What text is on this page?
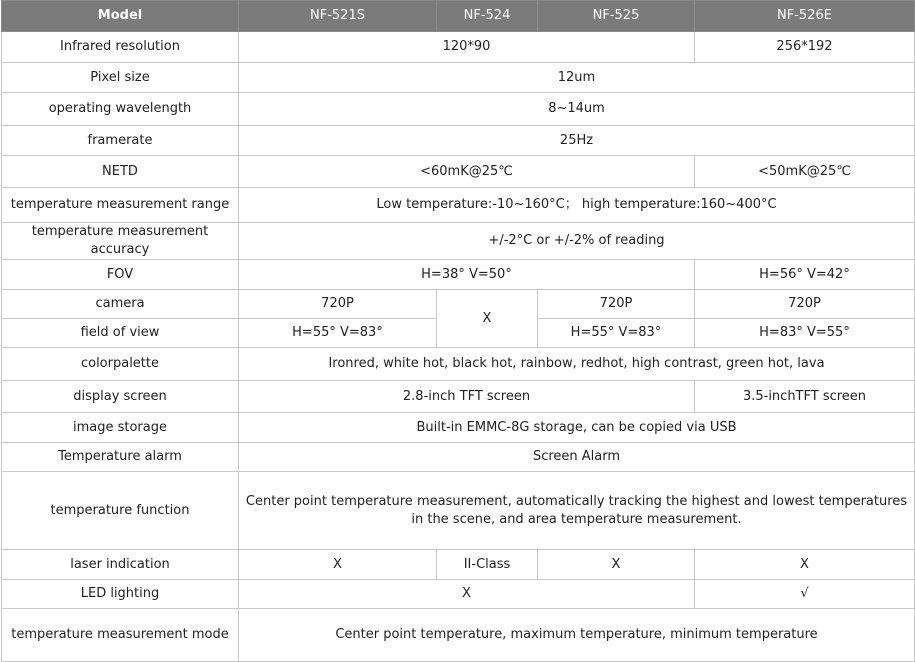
Model	NF-521S	NF-524	NF-525	NF-526E
Infrared resolution	120*90			256*192
Pixel size	12um			
operating wavelength	8~14um			
framerate	25Hz			
NETD	<60mK@25℃			<50mK@25℃
temperature measurement range	Low temperature:-10~160°C； high temperature:160~400°C			
temperature measurement accuracy	+/-2°C or +/-2% of reading			
FOV	H=38° V=50°			H=56° V=42°
camera	720P	X	720P	720P
field of view	H=55° V=83°		H=55° V=83°	H=83° V=55°
colorpalette	Ironred, white hot, black hot, rainbow, redhot, high contrast, green hot, lava			
display screen	2.8-inch TFT screen			3.5-inchTFT screen
image storage	Built-in EMMC-8G storage, can be copied via USB			
Temperature alarm	Screen Alarm			
temperature function	Center point temperature measurement, automatically tracking the highest and lowest temperatures in the scene, and area temperature measurement.			
laser indication	X	II-Class	X	X
LED lighting	X			√
temperature measurement mode	Center point temperature, maximum temperature, minimum temperature			
